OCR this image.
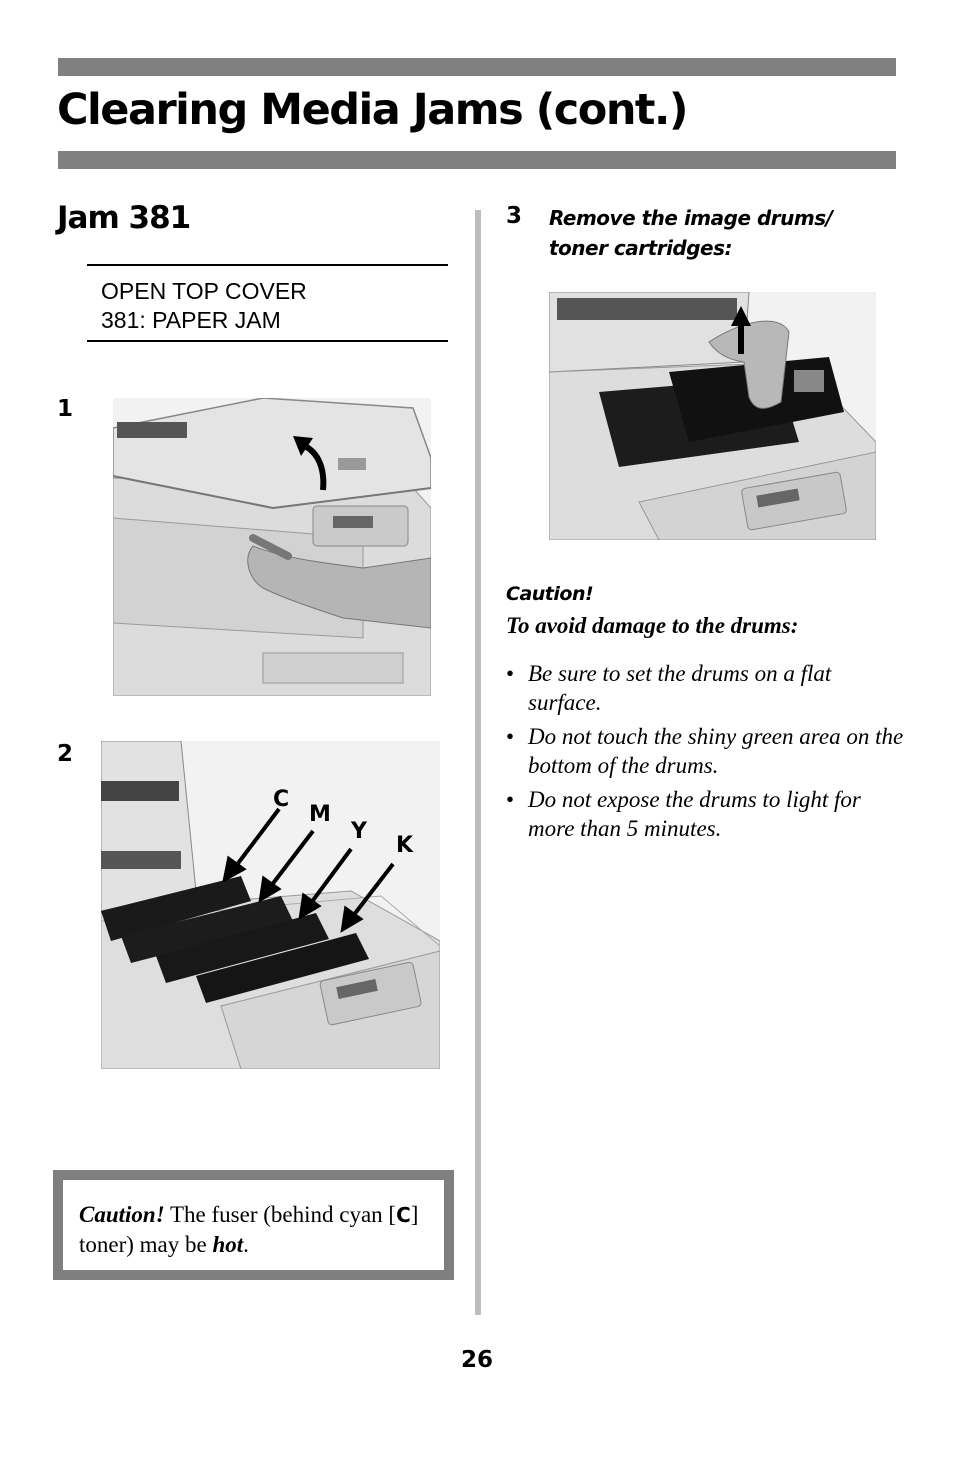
Clearing Media Jams (cont.)
Jam 381
OPEN TOP COVER
381: PAPER JAM
1
2
C
M
Y
K
Caution! The fuser (behind cyan [C] toner) may be hot.
3 Remove the image drums/ toner cartridges:
Caution!
To avoid damage to the drums:
• Be sure to set the drums on a flat surface.
• Do not touch the shiny green area on the bottom of the drums.
• Do not expose the drums to light for more than 5 minutes.
26
